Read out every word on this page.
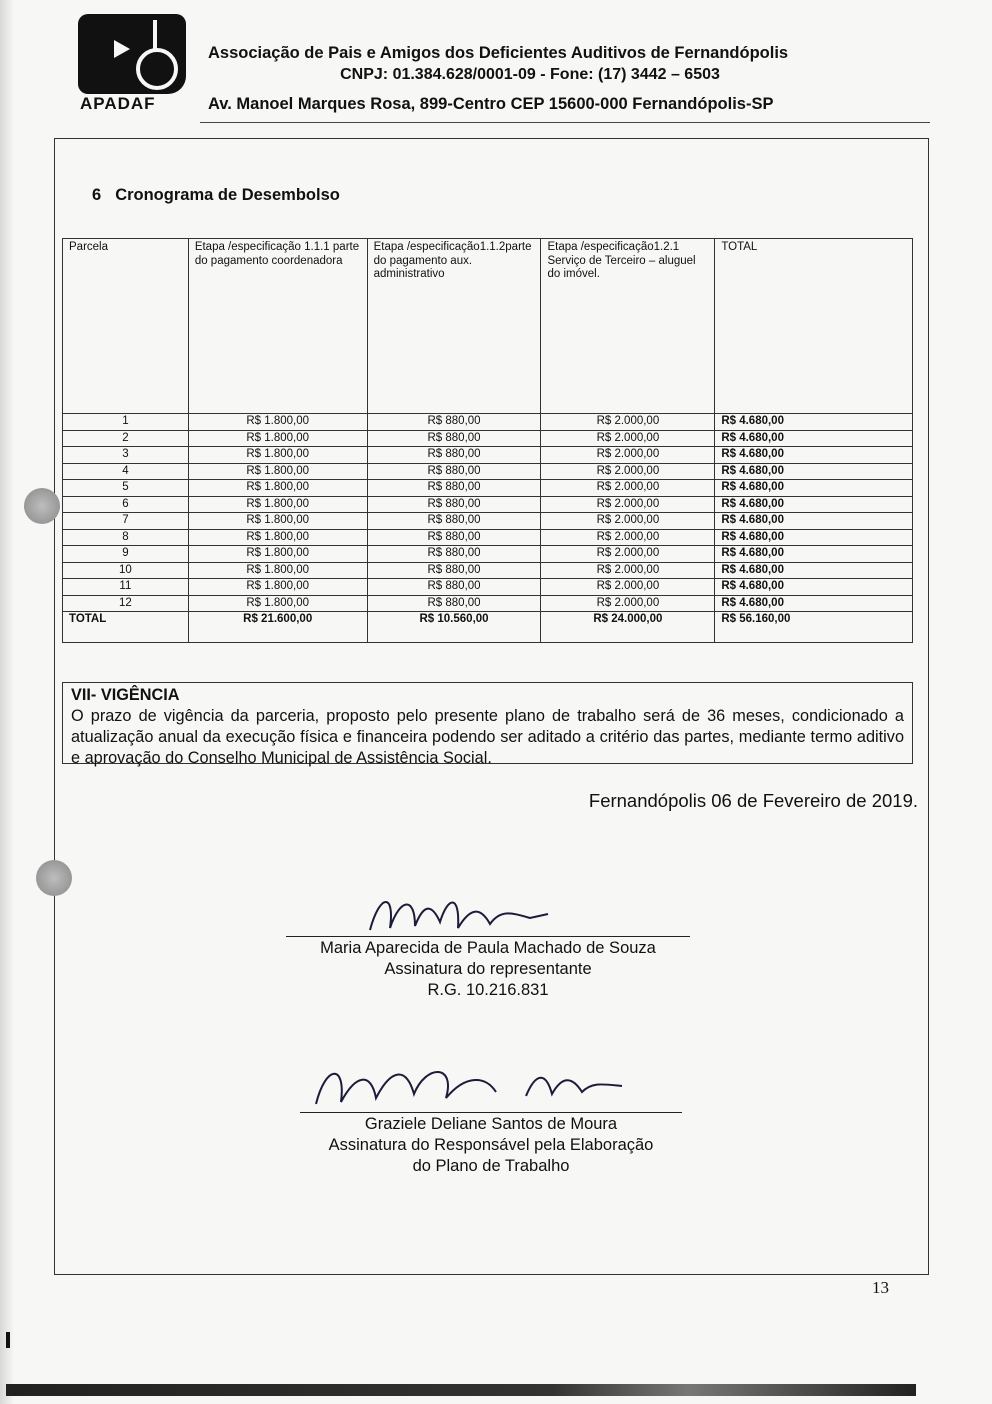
APADAF
Associação de Pais e Amigos dos Deficientes Auditivos de Fernandópolis
CNPJ: 01.384.628/0001-09 - Fone: (17) 3442 – 6503
Av. Manoel Marques Rosa, 899-Centro CEP 15600-000 Fernandópolis-SP
6 Cronograma de Desembolso
Parcela	Etapa /especificação 1.1.1 parte do pagamento coordenadora	Etapa /especificação1.1.2parte do pagamento aux. administrativo	Etapa /especificação1.2.1 Serviço de Terceiro – aluguel do imóvel.	TOTAL
1	R$ 1.800,00	R$ 880,00	R$ 2.000,00	R$ 4.680,00
2	R$ 1.800,00	R$ 880,00	R$ 2.000,00	R$ 4.680,00
3	R$ 1.800,00	R$ 880,00	R$ 2.000,00	R$ 4.680,00
4	R$ 1.800,00	R$ 880,00	R$ 2.000,00	R$ 4.680,00
5	R$ 1.800,00	R$ 880,00	R$ 2.000,00	R$ 4.680,00
6	R$ 1.800,00	R$ 880,00	R$ 2.000,00	R$ 4.680,00
7	R$ 1.800,00	R$ 880,00	R$ 2.000,00	R$ 4.680,00
8	R$ 1.800,00	R$ 880,00	R$ 2.000,00	R$ 4.680,00
9	R$ 1.800,00	R$ 880,00	R$ 2.000,00	R$ 4.680,00
10	R$ 1.800,00	R$ 880,00	R$ 2.000,00	R$ 4.680,00
11	R$ 1.800,00	R$ 880,00	R$ 2.000,00	R$ 4.680,00
12	R$ 1.800,00	R$ 880,00	R$ 2.000,00	R$ 4.680,00
TOTAL	R$ 21.600,00	R$ 10.560,00	R$ 24.000,00	R$ 56.160,00
VII- VIGÊNCIA
O prazo de vigência da parceria, proposto pelo presente plano de trabalho será de 36 meses, condicionado a atualização anual da execução física e financeira podendo ser aditado a critério das partes, mediante termo aditivo e aprovação do Conselho Municipal de Assistência Social.
Fernandópolis 06 de Fevereiro de 2019.
Maria Aparecida de Paula Machado de Souza
Assinatura do representante
R.G. 10.216.831
Graziele Deliane Santos de Moura
Assinatura do Responsável pela Elaboração
do Plano de Trabalho
13
